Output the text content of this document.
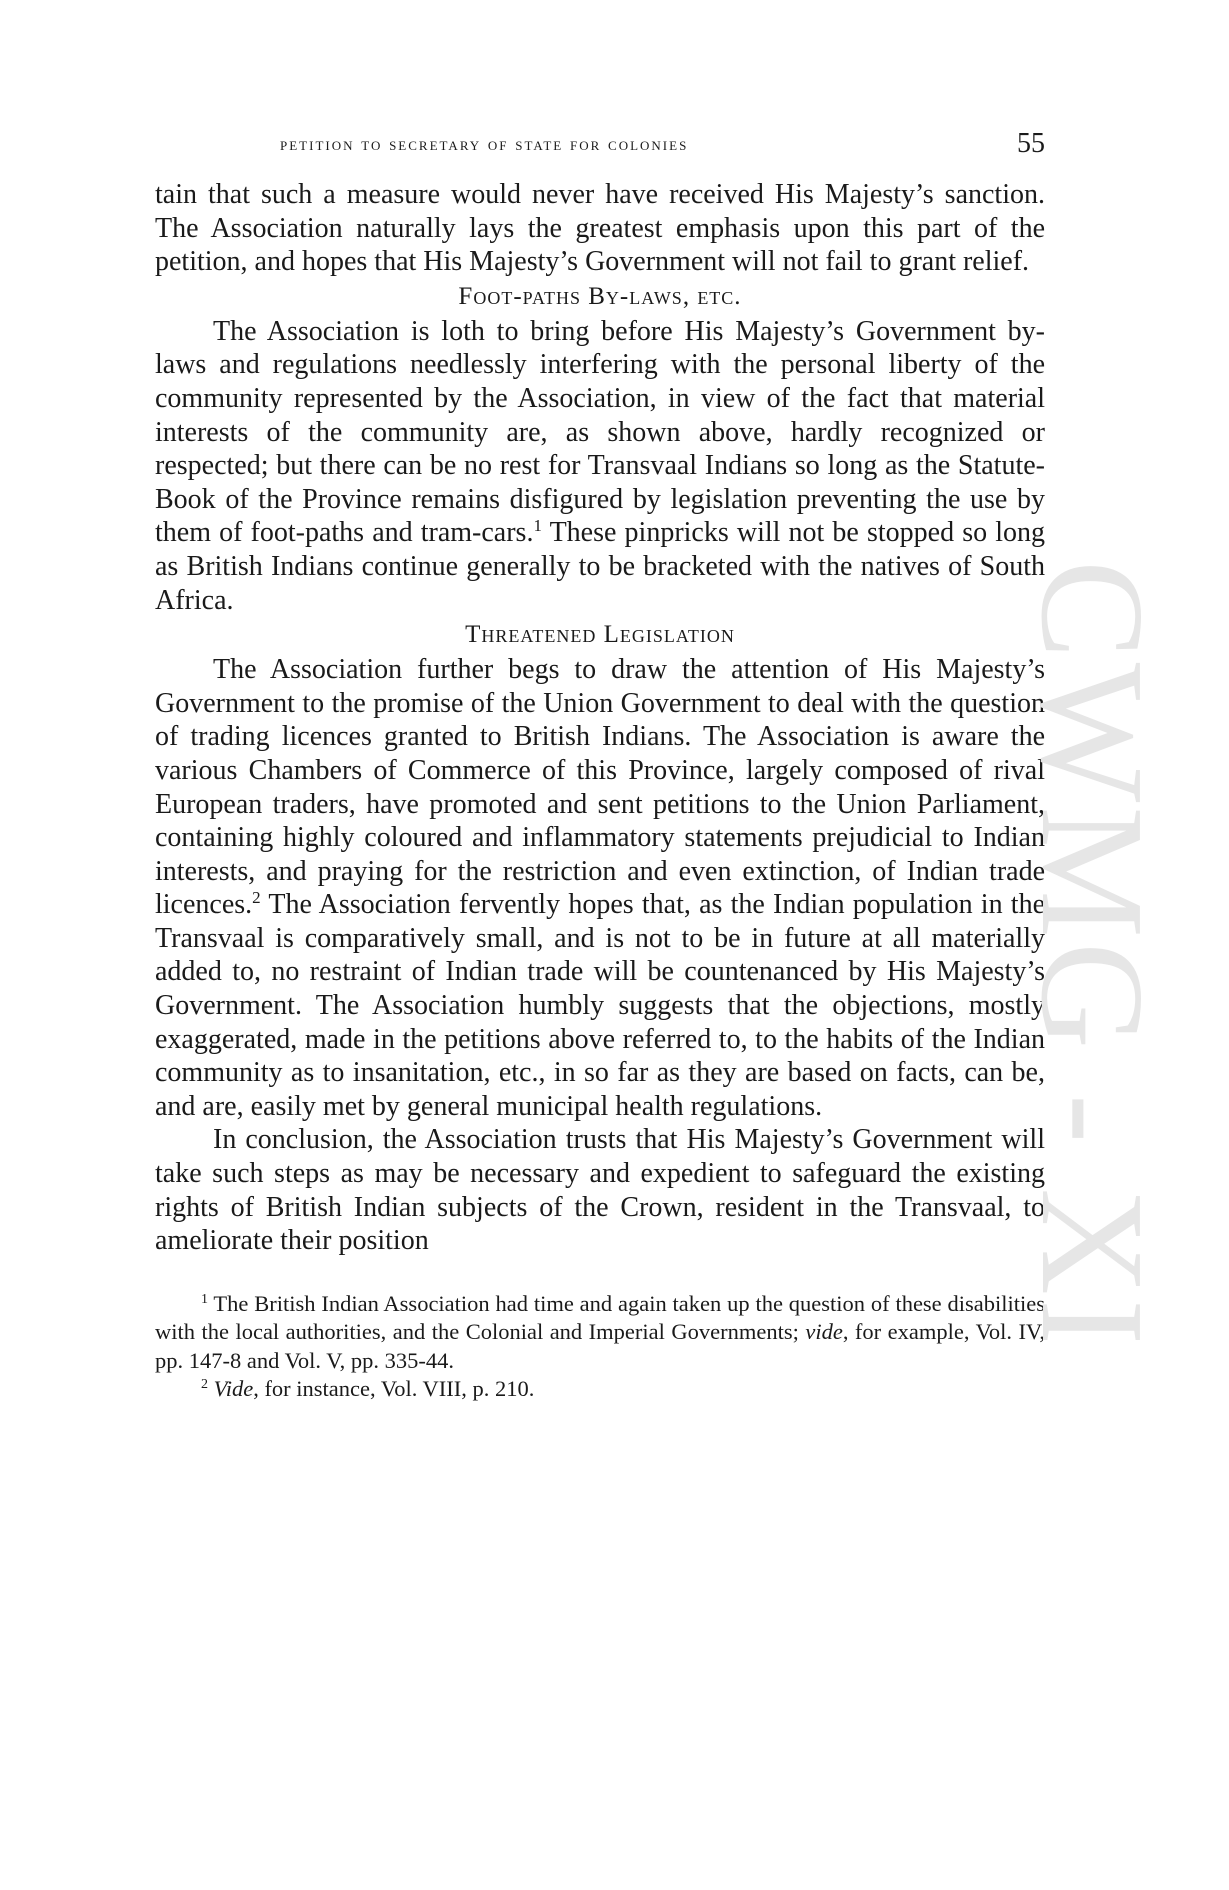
petition to secretary of state for colonies	55

tain that such a measure would never have received His Majesty’s sanction. The Association naturally lays the greatest emphasis upon this part of the petition, and hopes that His Majesty’s Government will not fail to grant relief.

Foot-paths By-laws, etc.

The Association is loth to bring before His Majesty’s Government by-laws and regulations needlessly interfering with the personal liberty of the community represented by the Association, in view of the fact that material interests of the community are, as shown above, hardly recognized or respected; but there can be no rest for Transvaal Indians so long as the Statute-Book of the Province remains disfigured by legislation preventing the use by them of foot-paths and tram-cars.$^1$ These pinpricks will not be stopped so long as British Indians continue generally to be bracketed with the natives of South Africa.

Threatened Legislation

The Association further begs to draw the attention of His Majesty’s Government to the promise of the Union Government to deal with the question of trading licences granted to British Indians. The Association is aware the various Chambers of Commerce of this Province, largely composed of rival European traders, have promoted and sent petitions to the Union Parliament, containing highly coloured and inflammatory statements prejudicial to Indian interests, and praying for the restriction and even extinction, of Indian trade licences.$^2$ The Association fervently hopes that, as the Indian population in the Transvaal is comparatively small, and is not to be in future at all materially added to, no restraint of Indian trade will be countenanced by His Majesty’s Government. The Association humbly suggests that the objections, mostly exaggerated, made in the petitions above referred to, to the habits of the Indian community as to insanitation, etc., in so far as they are based on facts, can be, and are, easily met by general municipal health regulations.

In conclusion, the Association trusts that His Majesty’s Government will take such steps as may be necessary and expedient to safeguard the existing rights of British Indian subjects of the Crown, resident in the Transvaal, to ameliorate their position

$^1$ The British Indian Association had time and again taken up the question of these disabilities with the local authorities, and the Colonial and Imperial Governments; vide, for example, Vol. IV, pp. 147-8 and Vol. V, pp. 335-44.

$^2$ Vide, for instance, Vol. VIII, p. 210.

CWMG - XI
